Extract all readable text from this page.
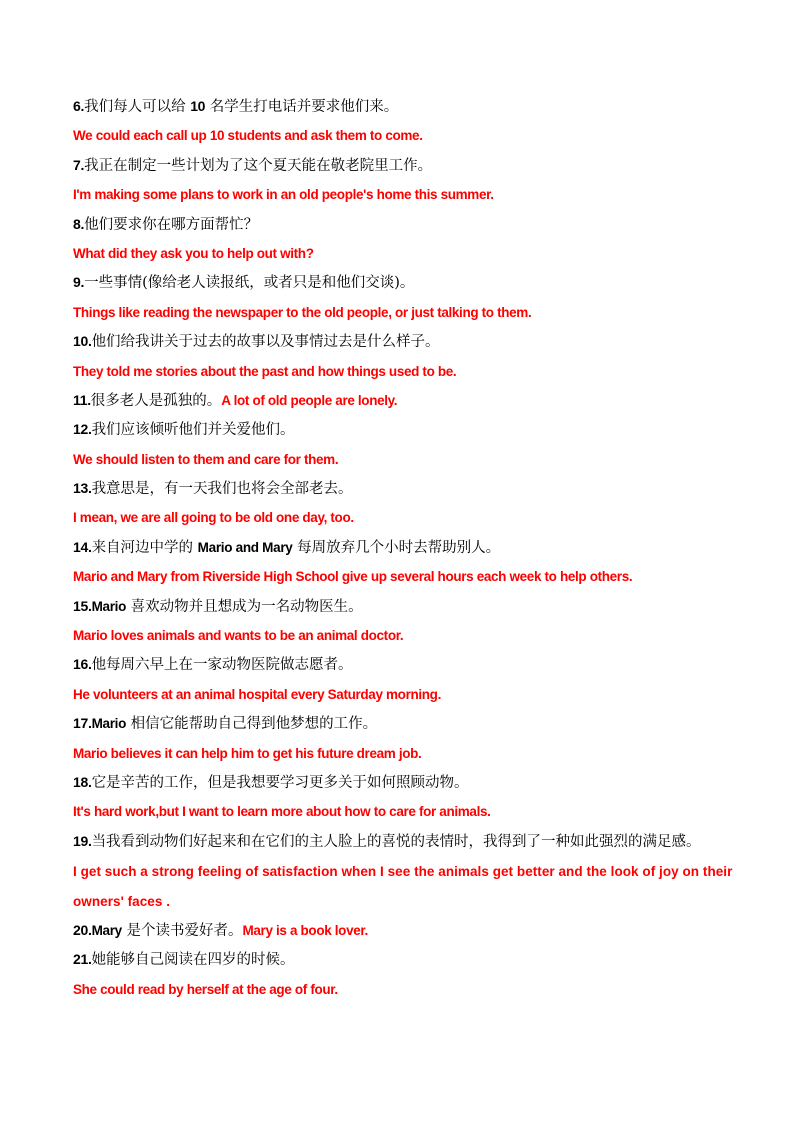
6.我们每人可以给 10 名学生打电话并要求他们来。
We could each call up 10 students and ask them to come.
7.我正在制定一些计划为了这个夏天能在敬老院里工作。
I'm making some plans to work in an old people's home this summer.
8.他们要求你在哪方面帮忙？
What did they ask you to help out with?
9.一些事情(像给老人读报纸，或者只是和他们交谈)。
Things like reading the newspaper to the old people, or just talking to them.
10.他们给我讲关于过去的故事以及事情过去是什么样子。
They told me stories about the past and how things used to be.
11.很多老人是孤独的。A lot of old people are lonely.
12.我们应该倾听他们并关爱他们。
We should listen to them and care for them.
13.我意思是，有一天我们也将会全部老去。
I mean, we are all going to be old one day, too.
14.来自河边中学的 Mario and Mary 每周放弃几个小时去帮助别人。
Mario and Mary from Riverside High School give up several hours each week to help others.
15.Mario 喜欢动物并且想成为一名动物医生。
Mario loves animals and wants to be an animal doctor.
16.他每周六早上在一家动物医院做志愿者。
He volunteers at an animal hospital every Saturday morning.
17.Mario 相信它能帮助自己得到他梦想的工作。
Mario believes it can help him to get his future dream job.
18.它是辛苦的工作，但是我想要学习更多关于如何照顾动物。
It's hard work,but I want to learn more about how to care for animals.
19.当我看到动物们好起来和在它们的主人脸上的喜悦的表情时，我得到了一种如此强烈的满足感。
I get such a strong feeling of satisfaction when I see the animals get better and the look of joy on their owners' faces .
20.Mary 是个读书爱好者。Mary is a book lover.
21.她能够自己阅读在四岁的时候。
She could read by herself at the age of four.
